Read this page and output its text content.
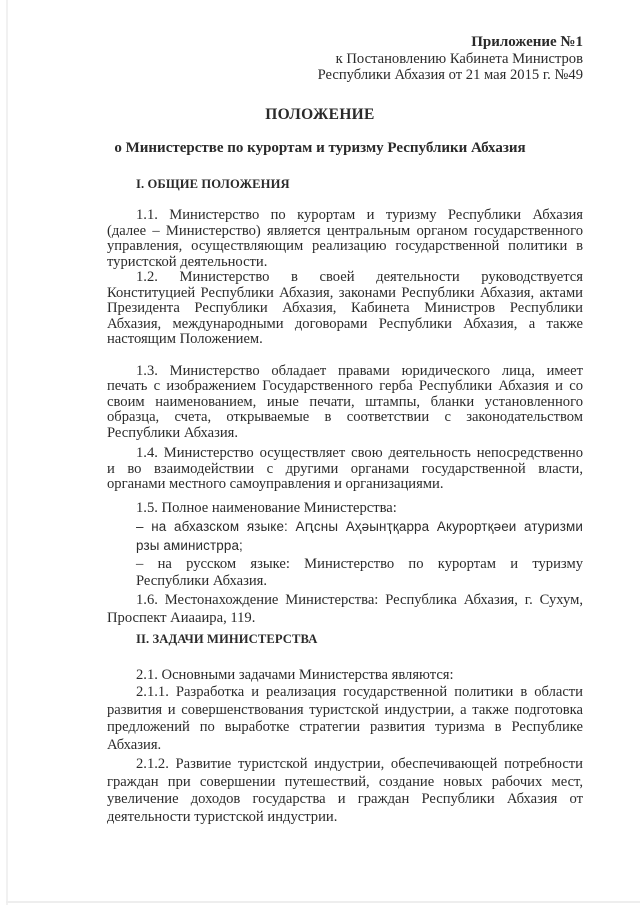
Приложение №1
к Постановлению Кабинета Министров
Республики Абхазия от 21 мая 2015 г. №49
ПОЛОЖЕНИЕ
о Министерстве по курортам и туризму Республики Абхазия
I. ОБЩИЕ ПОЛОЖЕНИЯ
1.1. Министерство по курортам и туризму Республики Абхазия
(далее – Министерство) является центральным органом государственного
управления, осуществляющим реализацию государственной политики в
туристской деятельности.
1.2. Министерство в своей деятельности руководствуется
Конституцией Республики Абхазия, законами Республики Абхазия, актами
Президента Республики Абхазия, Кабинета Министров Республики
Абхазия, международными договорами Республики Абхазия, а также
настоящим Положением.
1.3. Министерство обладает правами юридического лица, имеет
печать с изображением Государственного герба Республики Абхазия и со
своим наименованием, иные печати, штампы, бланки установленного
образца, счета, открываемые в соответствии с законодательством
Республики Абхазия.
1.4. Министерство осуществляет свою деятельность непосредственно
и во взаимодействии с другими органами государственной власти,
органами местного самоуправления и организациями.
1.5. Полное наименование Министерства:
– на абхазском языке: Аԥсны Аҳәынҭқарра Акурортқәеи атуризми
рзы аминистрра;
– на русском языке: Министерство по курортам и туризму
Республики Абхазия.
1.6. Местонахождение Министерства: Республика Абхазия, г. Сухум,
Проспект Аиааира, 119.
II. ЗАДАЧИ МИНИСТЕРСТВА
2.1. Основными задачами Министерства являются:
2.1.1. Разработка и реализация государственной политики в области
развития и совершенствования туристской индустрии, а также подготовка
предложений по выработке стратегии развития туризма в Республике
Абхазия.
2.1.2. Развитие туристской индустрии, обеспечивающей потребности
граждан при совершении путешествий, создание новых рабочих мест,
увеличение доходов государства и граждан Республики Абхазия от
деятельности туристской индустрии.
